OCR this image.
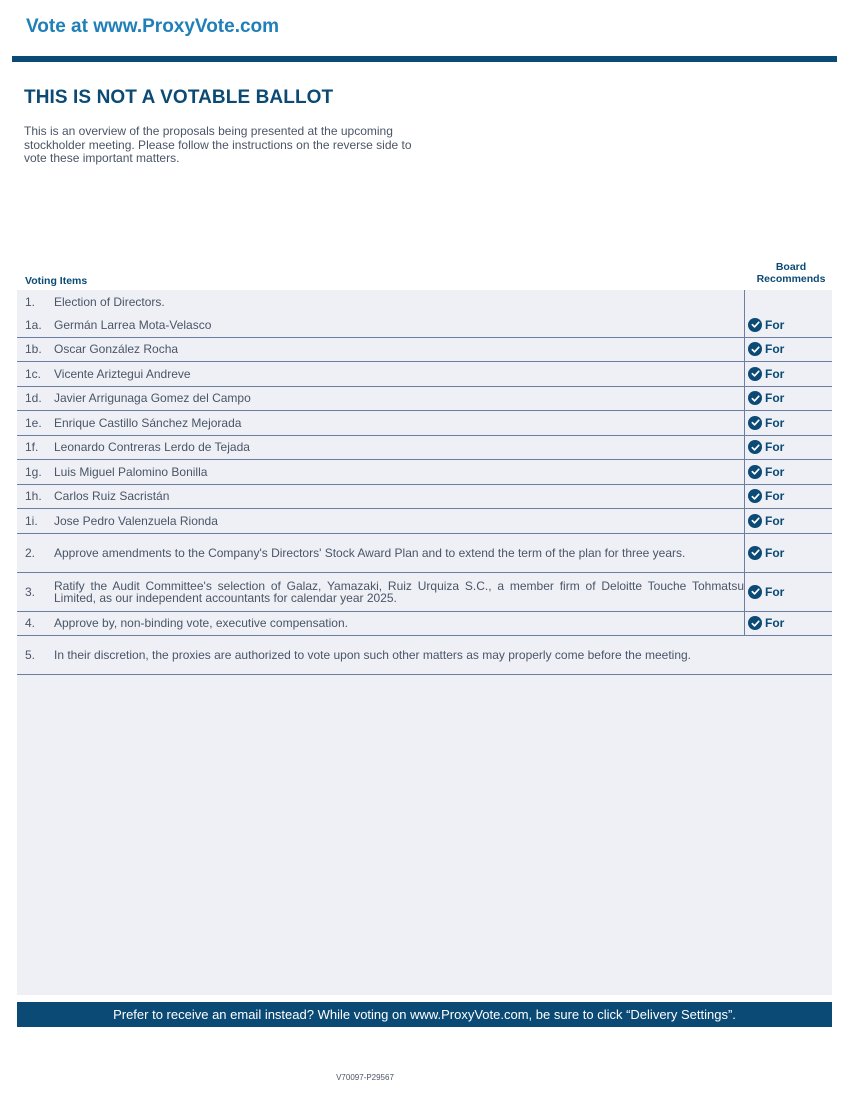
Vote at www.ProxyVote.com
THIS IS NOT A VOTABLE BALLOT
This is an overview of the proposals being presented at the upcoming stockholder meeting. Please follow the instructions on the reverse side to vote these important matters.
Voting Items
Board
Recommends
1.	Election of Directors.
1a.	Germán Larrea Mota-Velasco	For
1b.	Oscar González Rocha	For
1c.	Vicente Ariztegui Andreve	For
1d.	Javier Arrigunaga Gomez del Campo	For
1e.	Enrique Castillo Sánchez Mejorada	For
1f.	Leonardo Contreras Lerdo de Tejada	For
1g.	Luis Miguel Palomino Bonilla	For
1h.	Carlos Ruiz Sacristán	For
1i.	Jose Pedro Valenzuela Rionda	For
2.	Approve amendments to the Company's Directors' Stock Award Plan and to extend the term of the plan for three years.	For
3.	Ratify the Audit Committee's selection of Galaz, Yamazaki, Ruiz Urquiza S.C., a member firm of Deloitte Touche Tohmatsu Limited, as our independent accountants for calendar year 2025.	For
4.	Approve by, non-binding vote, executive compensation.	For
5.	In their discretion, the proxies are authorized to vote upon such other matters as may properly come before the meeting.
Prefer to receive an email instead? While voting on www.ProxyVote.com, be sure to click “Delivery Settings”.
V70097-P29567
